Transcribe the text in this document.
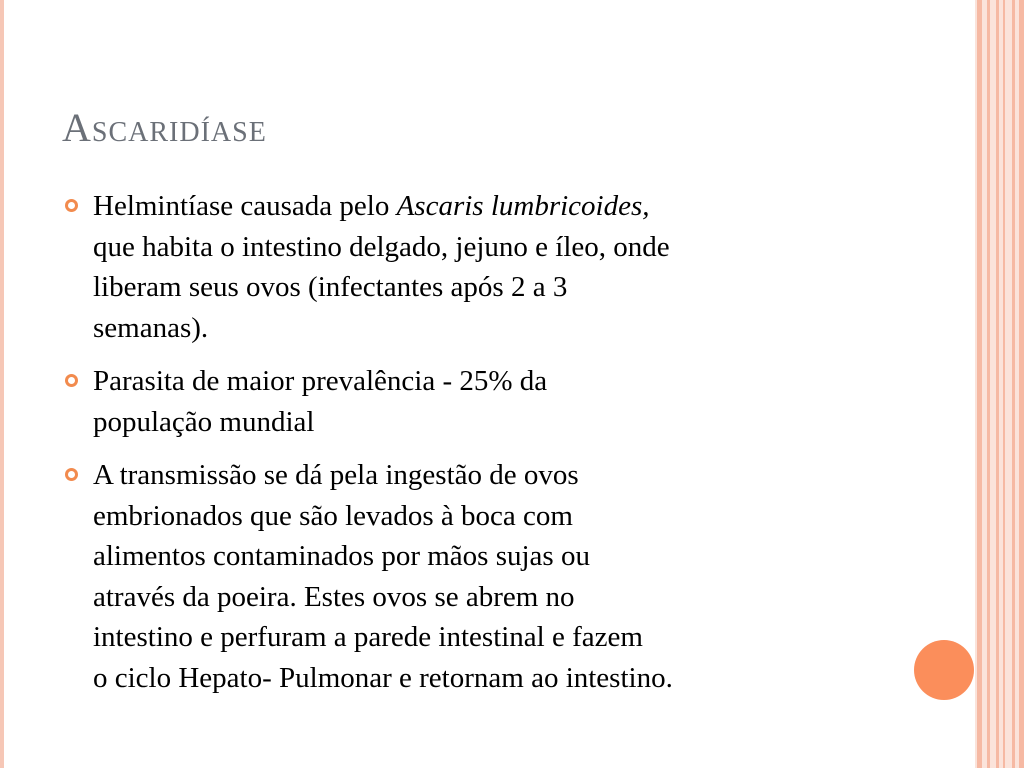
Ascaridíase
Helmintíase causada pelo Ascaris lumbricoides,
que habita o intestino delgado, jejuno e íleo, onde
liberam seus ovos (infectantes após 2 a 3
semanas).
Parasita de maior prevalência - 25% da
população mundial
A transmissão se dá pela ingestão de ovos
embrionados que são levados à boca com
alimentos contaminados por mãos sujas ou
através da poeira. Estes ovos se abrem no
intestino e perfuram a parede intestinal e fazem
o ciclo Hepato- Pulmonar e retornam ao intestino.
